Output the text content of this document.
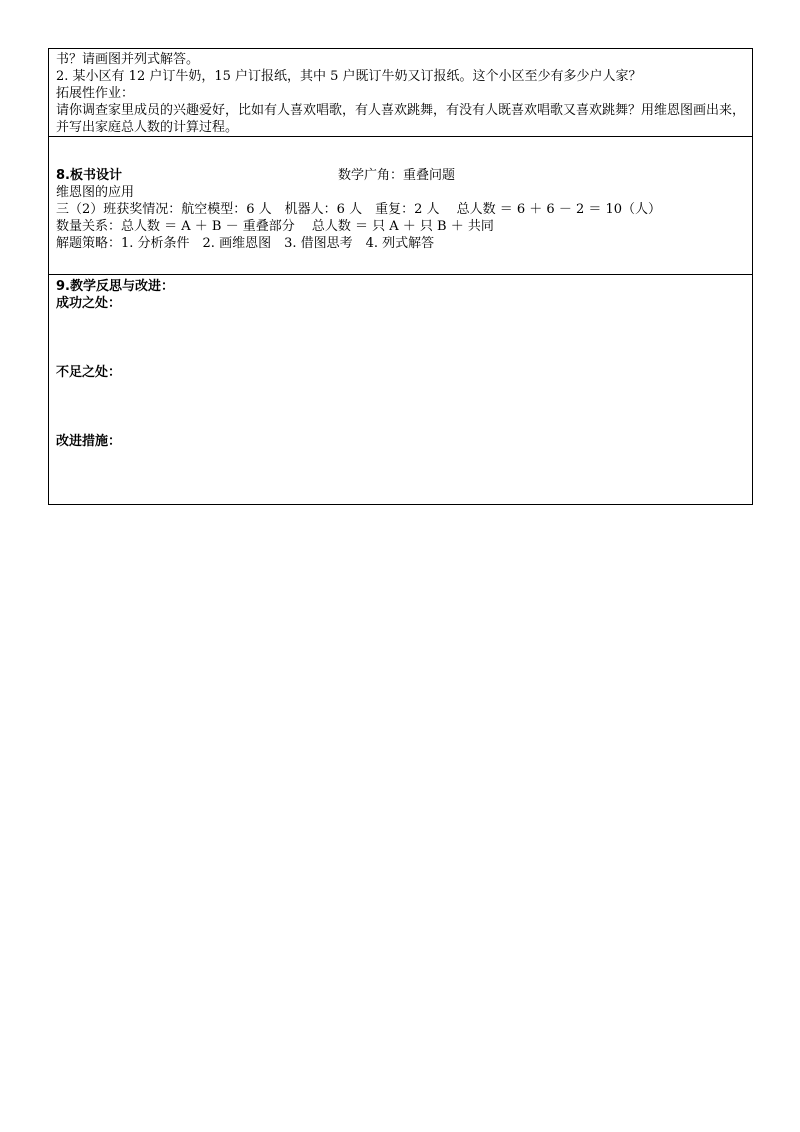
书？请画图并列式解答。
2. 某小区有 12 户订牛奶，15 户订报纸，其中 5 户既订牛奶又订报纸。这个小区至少有多少户人家？
拓展性作业：
请你调查家里成员的兴趣爱好，比如有人喜欢唱歌，有人喜欢跳舞，有没有人既喜欢唱歌又喜欢跳舞？用维恩图画出来，并写出家庭总人数的计算过程。
8.板书设计	数学广角：重叠问题
维恩图的应用
三（2）班获奖情况：航空模型：6 人　机器人：6 人　重复：2 人　 总人数 ＝ 6 ＋ 6 － 2 ＝ 10（人）
数量关系：总人数 ＝ A ＋ B － 重叠部分　 总人数 ＝ 只 A ＋ 只 B ＋ 共同
解题策略：1. 分析条件　2. 画维恩图　3. 借图思考　4. 列式解答
9.教学反思与改进：
成功之处：
不足之处：
改进措施：
